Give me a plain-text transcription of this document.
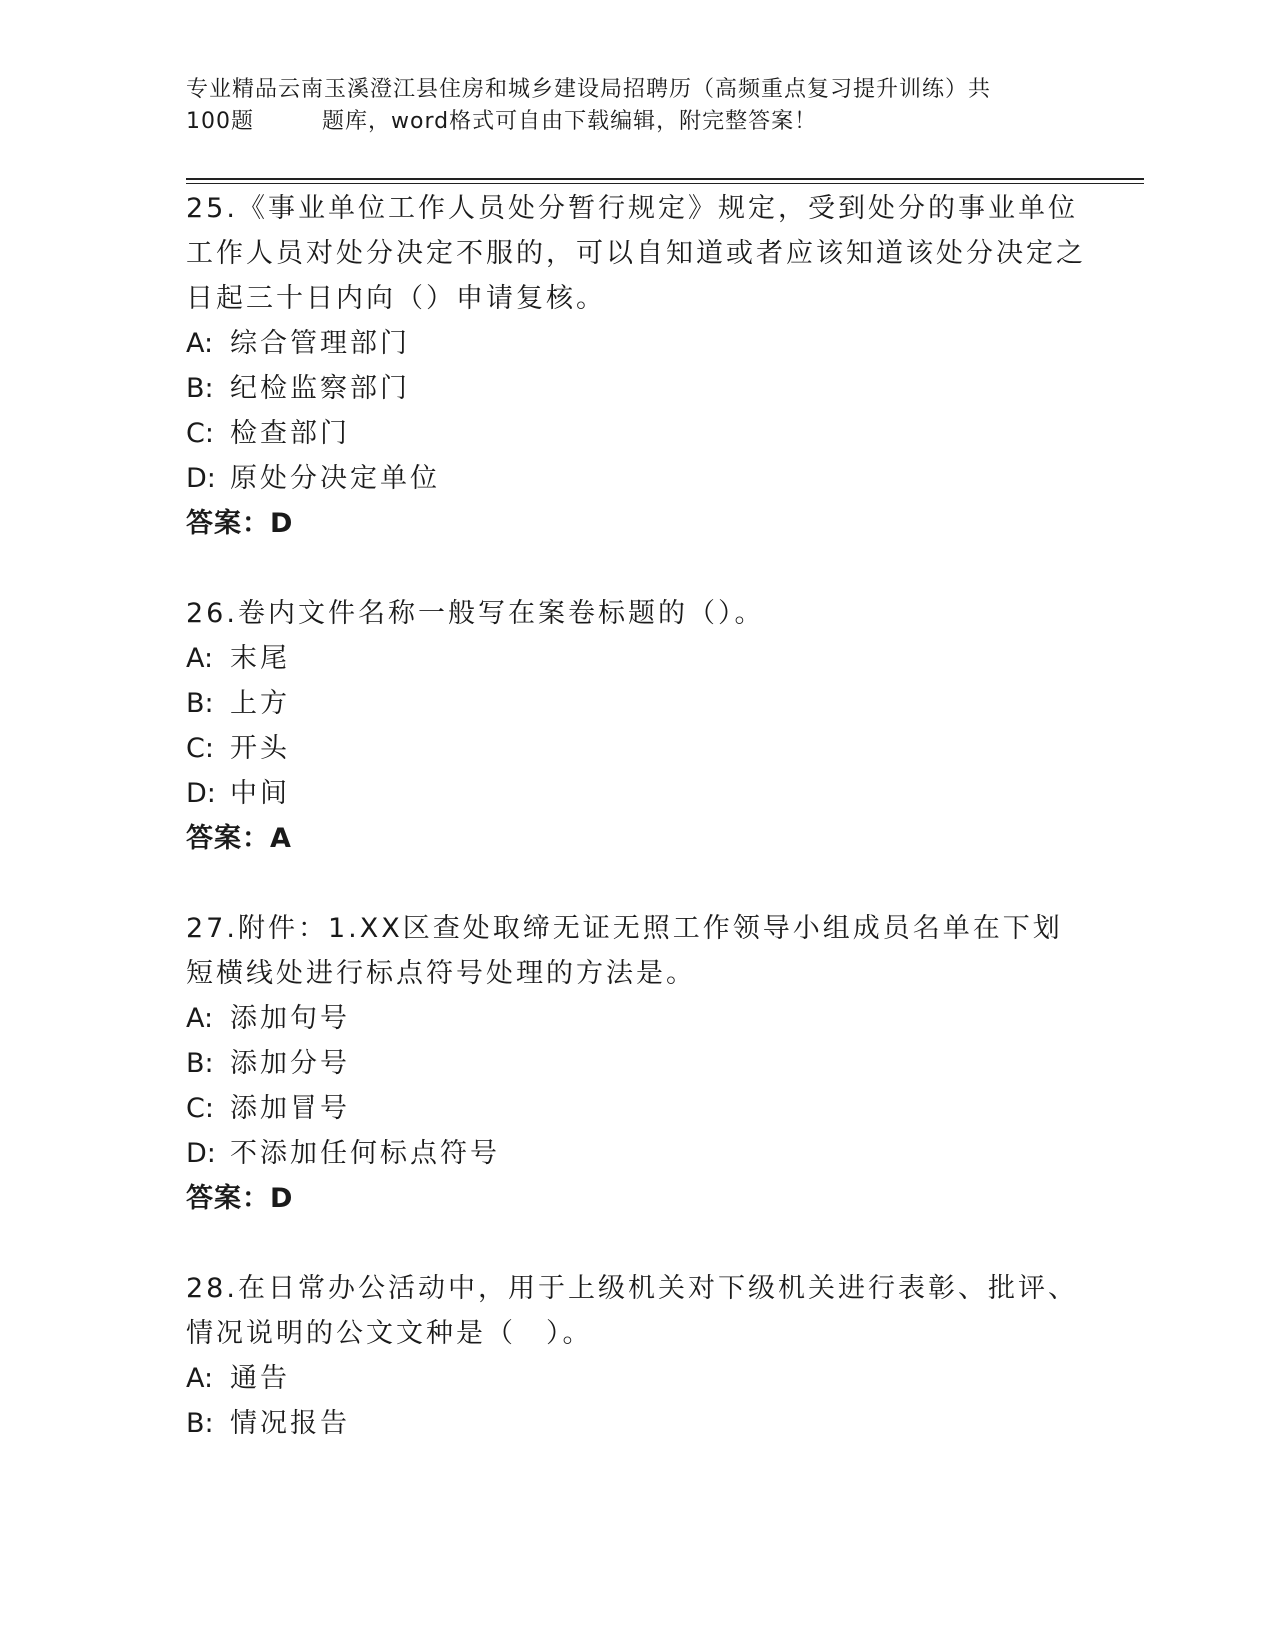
专业精品云南玉溪澄江县住房和城乡建设局招聘历（高频重点复习提升训练）共
100题	题库，word格式可自由下载编辑，附完整答案！

25.《事业单位工作人员处分暂行规定》规定，受到处分的事业单位工作人员对处分决定不服的，可以自知道或者应该知道该处分决定之日起三十日内向（）申请复核。

A: 综合管理部门

B: 纪检监察部门

C: 检查部门

D: 原处分决定单位

答案：D

26.卷内文件名称一般写在案卷标题的（）。

A: 末尾

B: 上方

C: 开头

D: 中间

答案：A

27.附件：1.XX区查处取缔无证无照工作领导小组成员名单在下划短横线处进行标点符号处理的方法是。

A: 添加句号

B: 添加分号

C: 添加冒号

D: 不添加任何标点符号

答案：D

28.在日常办公活动中，用于上级机关对下级机关进行表彰、批评、情况说明的公文文种是（　）。

A: 通告

B: 情况报告
